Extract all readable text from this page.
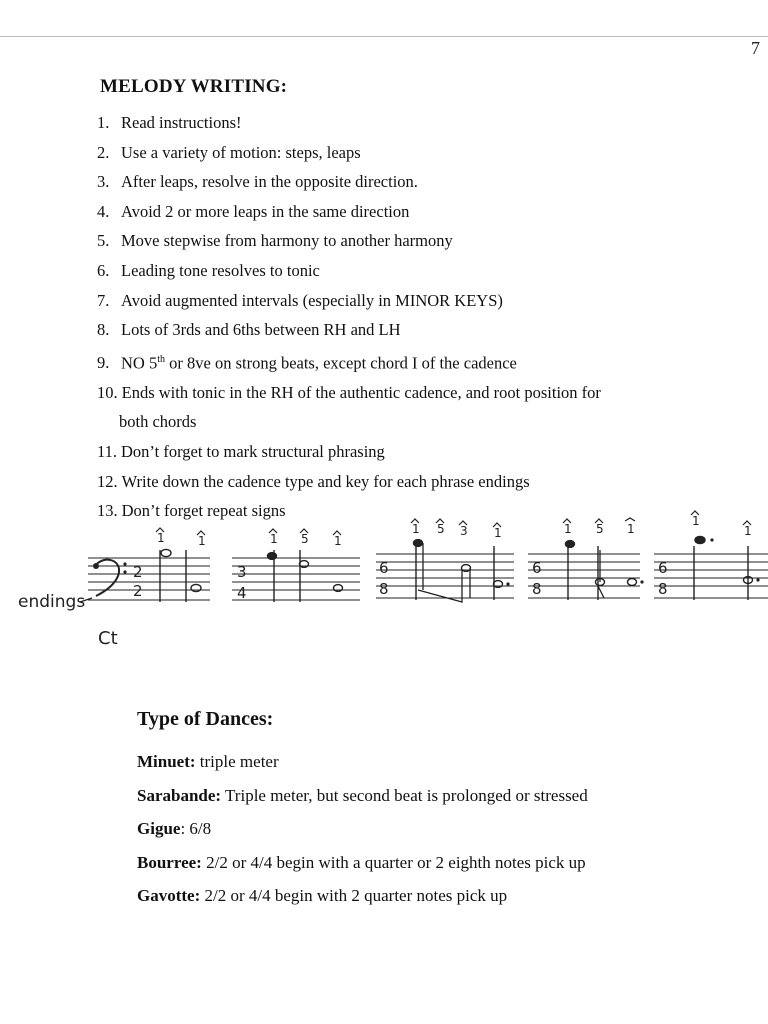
7
MELODY WRITING:
1. Read instructions!
2. Use a variety of motion: steps, leaps
3. After leaps, resolve in the opposite direction.
4. Avoid 2 or more leaps in the same direction
5. Move stepwise from harmony to another harmony
6. Leading tone resolves to tonic
7. Avoid augmented intervals (especially in MINOR KEYS)
8. Lots of 3rds and 6ths between RH and LH
9. NO 5th or 8ve on strong beats, except chord I of the cadence
10. Ends with tonic in the RH of the authentic cadence, and root position for
both chords
11. Don’t forget to mark structural phrasing
12. Write down the cadence type and key for each phrase endings
13. Don’t forget repeat signs
2
2
3
4
6
8
6
8
6
8
1	1	1 5 1
1 5 3 1	1 5 1
1
1
endings
Ct
Type of Dances:
Minuet: triple meter
Sarabande: Triple meter, but second beat is prolonged or stressed
Gigue: 6/8
Bourree: 2/2 or 4/4 begin with a quarter or 2 eighth notes pick up
Gavotte: 2/2 or 4/4 begin with 2 quarter notes pick up
